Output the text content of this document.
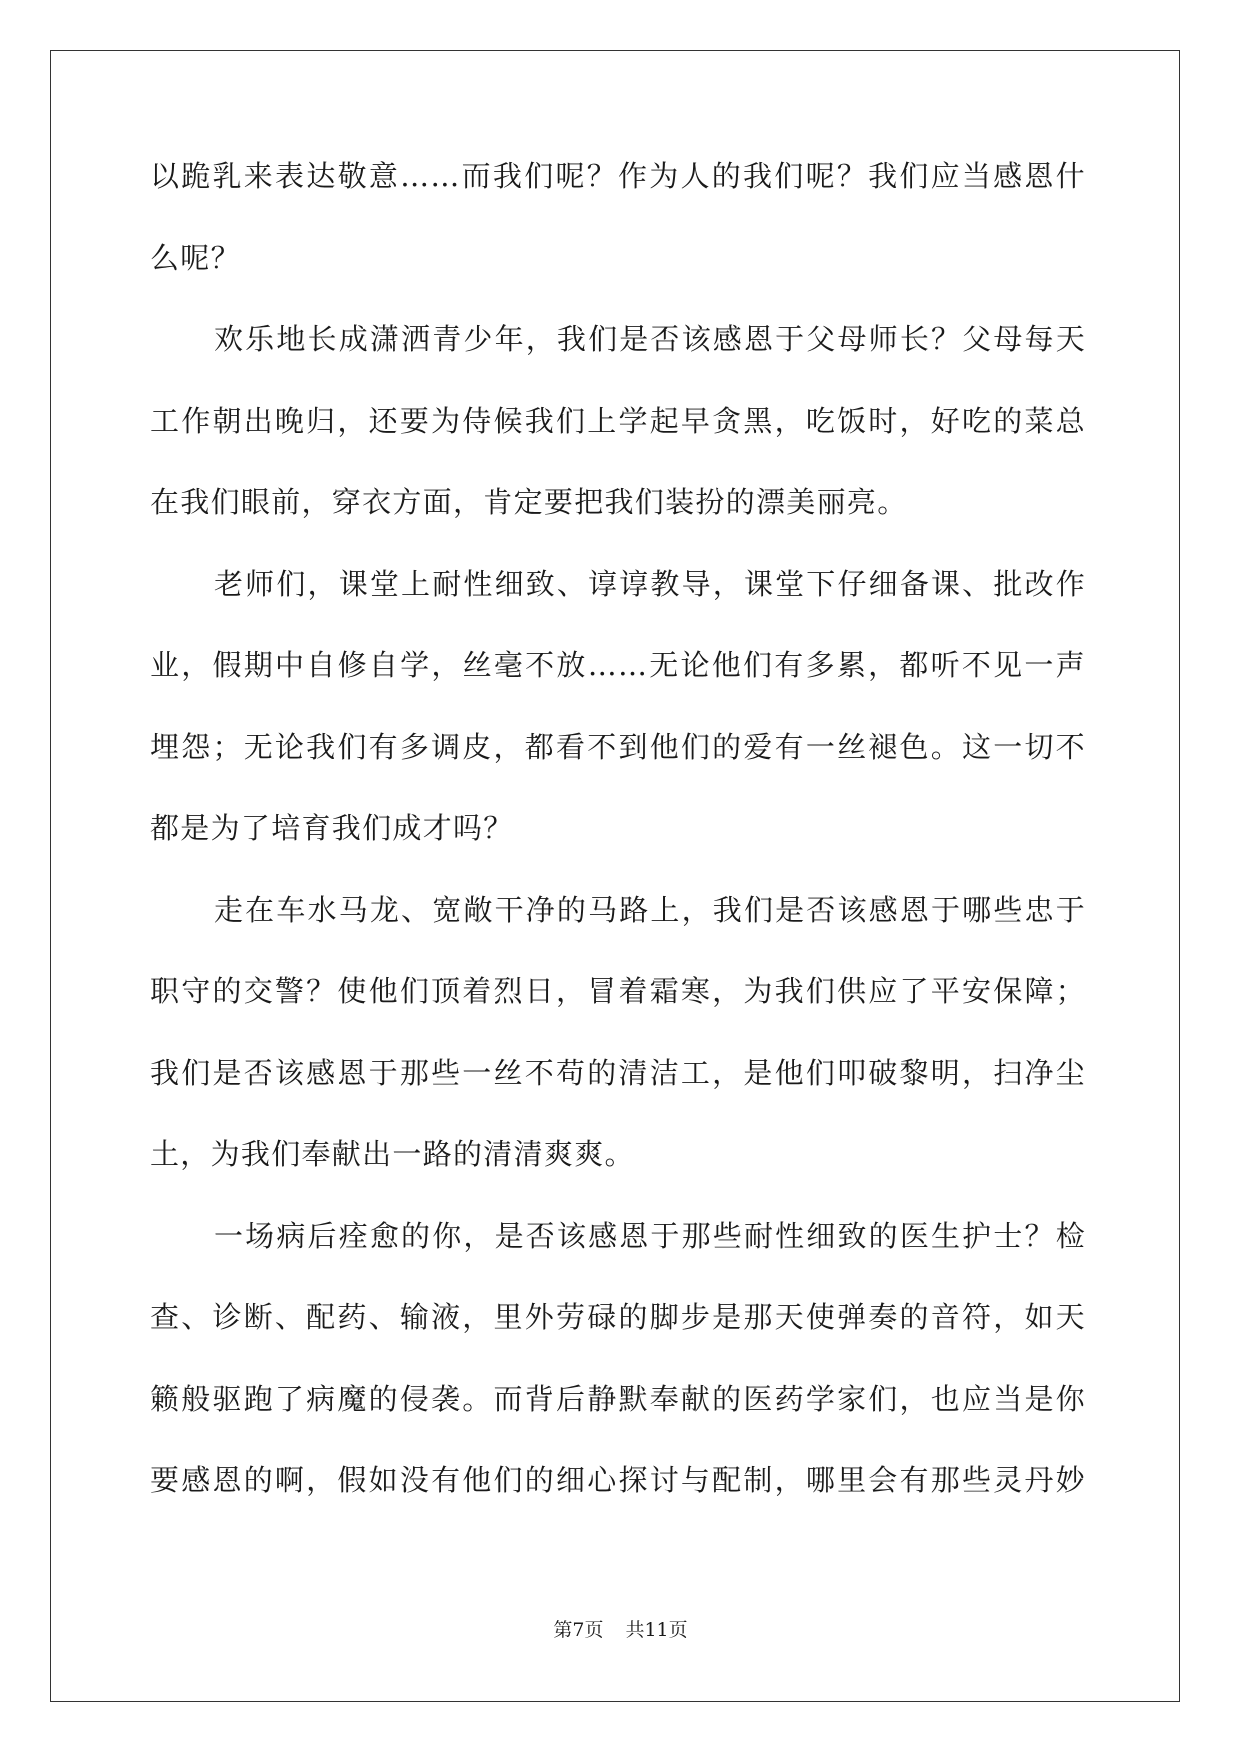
以跪乳来表达敬意……而我们呢？作为人的我们呢？我们应当感恩什
么呢？
欢乐地长成潇洒青少年，我们是否该感恩于父母师长？父母每天
工作朝出晚归，还要为侍候我们上学起早贪黑，吃饭时，好吃的菜总
在我们眼前，穿衣方面，肯定要把我们装扮的漂美丽亮。
老师们，课堂上耐性细致、谆谆教导，课堂下仔细备课、批改作
业，假期中自修自学，丝毫不放……无论他们有多累，都听不见一声
埋怨；无论我们有多调皮，都看不到他们的爱有一丝褪色。这一切不
都是为了培育我们成才吗？
走在车水马龙、宽敞干净的马路上，我们是否该感恩于哪些忠于
职守的交警？使他们顶着烈日，冒着霜寒，为我们供应了平安保障；
我们是否该感恩于那些一丝不苟的清洁工，是他们叩破黎明，扫净尘
土，为我们奉献出一路的清清爽爽。
一场病后痊愈的你，是否该感恩于那些耐性细致的医生护士？检
查、诊断、配药、输液，里外劳碌的脚步是那天使弹奏的音符，如天
籁般驱跑了病魔的侵袭。而背后静默奉献的医药学家们，也应当是你
要感恩的啊，假如没有他们的细心探讨与配制，哪里会有那些灵丹妙
第7页 共11页
